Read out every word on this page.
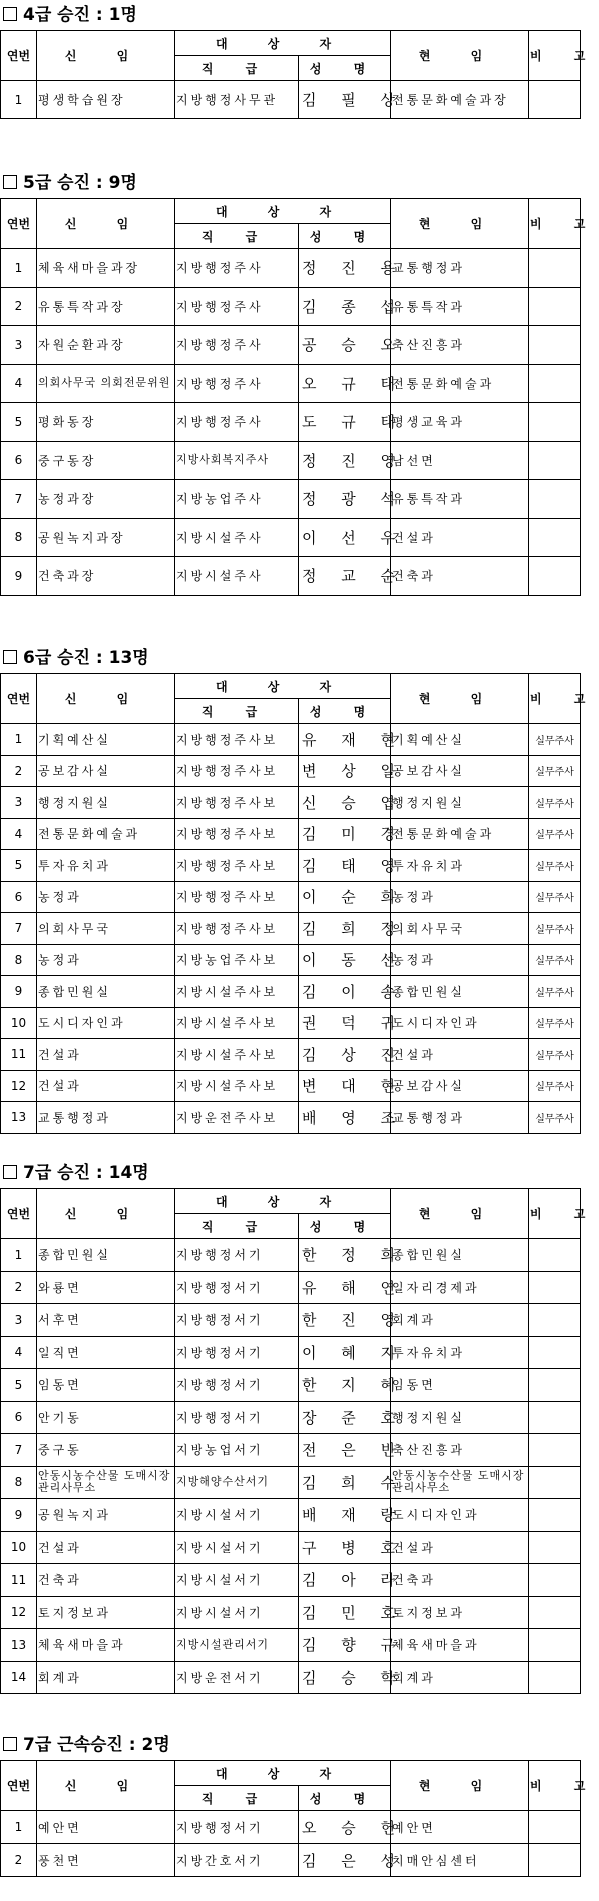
4급 승진 : 1명
연번	신 임	대 상 자		현 임	비 고
		직 급	성 명		
1	평생학습원장	지방행정사무관	김 필 상	전통문화예술과장	
5급 승진 : 9명
연번	신 임	대 상 자		현 임	비 고
		직 급	성 명		
1	체육새마을과장	지방행정주사	정 진 용	교통행정과	
2	유통특작과장	지방행정주사	김 종 섭	유통특작과	
3	자원순환과장	지방행정주사	공 승 오	축산진흥과	
4	의회사무국 의회전문위원	지방행정주사	오 규 태	전통문화예술과	
5	평화동장	지방행정주사	도 규 태	평생교육과	
6	중구동장	지방사회복지주사	정 진 영	남선면	
7	농정과장	지방농업주사	정 광 석	유통특작과	
8	공원녹지과장	지방시설주사	이 선 우	건설과	
9	건축과장	지방시설주사	정 교 순	건축과	
6급 승진 : 13명
연번	신 임	대 상 자		현 임	비 고
		직 급	성 명		
1	기획예산실	지방행정주사보	유 재 현	기획예산실	실무주사
2	공보감사실	지방행정주사보	변 상 일	공보감사실	실무주사
3	행정지원실	지방행정주사보	신 승 엽	행정지원실	실무주사
4	전통문화예술과	지방행정주사보	김 미 경	전통문화예술과	실무주사
5	투자유치과	지방행정주사보	김 태 영	투자유치과	실무주사
6	농정과	지방행정주사보	이 순 희	농정과	실무주사
7	의회사무국	지방행정주사보	김 희 정	의회사무국	실무주사
8	농정과	지방농업주사보	이 동 선	농정과	실무주사
9	종합민원실	지방시설주사보	김 이 송	종합민원실	실무주사
10	도시디자인과	지방시설주사보	권 덕 귀	도시디자인과	실무주사
11	건설과	지방시설주사보	김 상 진	건설과	실무주사
12	건설과	지방시설주사보	변 대 현	공보감사실	실무주사
13	교통행정과	지방운전주사보	배 영 조	교통행정과	실무주사
7급 승진 : 14명
연번	신 임	대 상 자		현 임	비 고
		직 급	성 명		
1	종합민원실	지방행정서기	한 정 희	종합민원실	
2	와룡면	지방행정서기	유 해 연	일자리경제과	
3	서후면	지방행정서기	한 진 영	회계과	
4	일직면	지방행정서기	이 혜 지	투자유치과	
5	임동면	지방행정서기	한 지 혜	임동면	
6	안기동	지방행정서기	장 준 호	행정지원실	
7	중구동	지방농업서기	전 은 빈	축산진흥과	
8	안동시농수산물 도매시장관리사무소	지방해양수산서기	김 희 수	안동시농수산물 도매시장관리사무소	
9	공원녹지과	지방시설서기	배 재 랑	도시디자인과	
10	건설과	지방시설서기	구 병 호	건설과	
11	건축과	지방시설서기	김 아 라	건축과	
12	토지정보과	지방시설서기	김 민 호	토지정보과	
13	체육새마을과	지방시설관리서기	김 향 규	체육새마을과	
14	회계과	지방운전서기	김 승 학	회계과	
7급 근속승진 : 2명
연번	신 임	대 상 자		현 임	비 고
		직 급	성 명		
1	예안면	지방행정서기	오 승 헌	예안면	
2	풍천면	지방간호서기	김 은 성	치매안심센터	
